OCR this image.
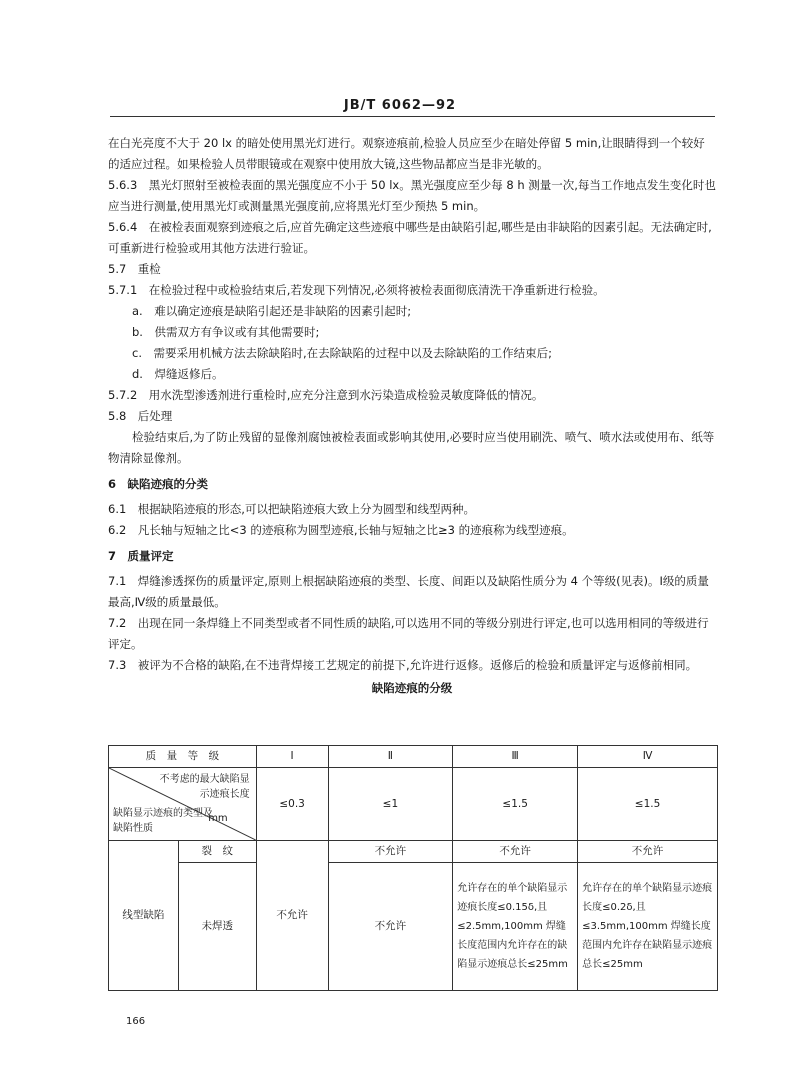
JB/T 6062—92

在白光亮度不大于 20 lx 的暗处使用黑光灯进行。观察迹痕前,检验人员应至少在暗处停留 5 min,让眼睛得到一个较好的适应过程。如果检验人员带眼镜或在观察中使用放大镜,这些物品都应当是非光敏的。

5.6.3　黑光灯照射至被检表面的黑光强度应不小于 50 lx。黑光强度应至少每 8 h 测量一次,每当工作地点发生变化时也应当进行测量,使用黑光灯或测量黑光强度前,应将黑光灯至少预热 5 min。

5.6.4　在被检表面观察到迹痕之后,应首先确定这些迹痕中哪些是由缺陷引起,哪些是由非缺陷的因素引起。无法确定时,可重新进行检验或用其他方法进行验证。

5.7　重检

5.7.1　在检验过程中或检验结束后,若发现下列情况,必须将被检表面彻底清洗干净重新进行检验。

a.　难以确定迹痕是缺陷引起还是非缺陷的因素引起时;

b.　供需双方有争议或有其他需要时;

c.　需要采用机械方法去除缺陷时,在去除缺陷的过程中以及去除缺陷的工作结束后;

d.　焊缝返修后。

5.7.2　用水洗型渗透剂进行重检时,应充分注意到水污染造成检验灵敏度降低的情况。

5.8　后处理

检验结束后,为了防止残留的显像剂腐蚀被检表面或影响其使用,必要时应当使用刷洗、喷气、喷水法或使用布、纸等物清除显像剂。

6　缺陷迹痕的分类

6.1　根据缺陷迹痕的形态,可以把缺陷迹痕大致上分为圆型和线型两种。

6.2　凡长轴与短轴之比<3 的迹痕称为圆型迹痕,长轴与短轴之比≥3 的迹痕称为线型迹痕。

7　质量评定

7.1　焊缝渗透探伤的质量评定,原则上根据缺陷迹痕的类型、长度、间距以及缺陷性质分为 4 个等级(见表)。Ⅰ级的质量最高,Ⅳ级的质量最低。

7.2　出现在同一条焊缝上不同类型或者不同性质的缺陷,可以选用不同的等级分别进行评定,也可以选用相同的等级进行评定。

7.3　被评为不合格的缺陷,在不违背焊接工艺规定的前提下,允许进行返修。返修后的检验和质量评定与返修前相同。

缺陷迹痕的分级

质　量　等　级		Ⅰ	Ⅱ	Ⅲ	Ⅳ

不考虑的最大缺陷显示迹痕长度
mm
缺陷显示迹痕的类型及缺陷性质		≤0.3	≤1	≤1.5	≤1.5
线型缺陷	裂　纹	不允许	不允许	不允许	不允许
	未焊透		不允许	允许存在的单个缺陷显示迹痕长度≤0.15δ,且≤2.5mm,100mm 焊缝长度范围内允许存在的缺陷显示迹痕总长≤25mm	允许存在的单个缺陷显示迹痕长度≤0.2δ,且≤3.5mm,100mm 焊缝长度范围内允许存在缺陷显示迹痕总长≤25mm
166
